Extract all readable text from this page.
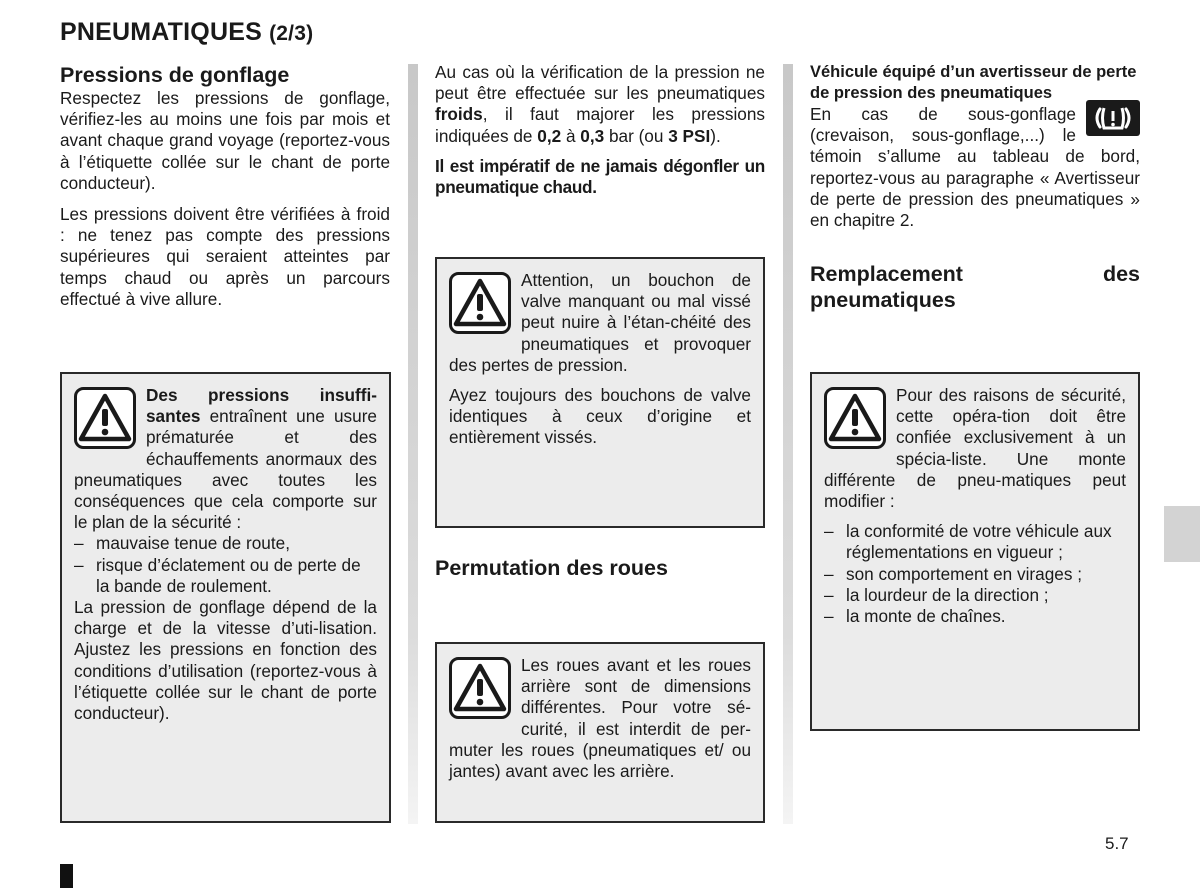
PNEUMATIQUES (2/3)
Pressions de gonflage

Respectez les pressions de gonflage, vérifiez-les au moins une fois par mois et avant chaque grand voyage (reportez-vous à l’étiquette collée sur le chant de porte conducteur).

Les pressions doivent être vérifiées à froid : ne tenez pas compte des pressions supérieures qui seraient atteintes par temps chaud ou après un parcours effectué à vive allure.

Des pressions insuffi-santes entraînent une usure prématurée et des échauffements anormaux des pneumatiques avec toutes les conséquences que cela comporte sur le plan de la sécurité :

– mauvaise tenue de route,
– risque d’éclatement ou de perte de la bande de roulement.

La pression de gonflage dépend de la charge et de la vitesse d’uti-lisation. Ajustez les pressions en fonction des conditions d’utilisation (reportez-vous à l’étiquette collée sur le chant de porte conducteur).

Au cas où la vérification de la pression ne peut être effectuée sur les pneumatiques froids, il faut majorer les pressions indiquées de 0,2 à 0,3 bar (ou 3 PSI).

Il est impératif de ne jamais dégonfler un pneumatique chaud.

Attention, un bouchon de valve manquant ou mal vissé peut nuire à l’étan-chéité des pneumatiques et provoquer des pertes de pression.

Ayez toujours des bouchons de valve identiques à ceux d’origine et entièrement vissés.

Permutation des roues

Les roues avant et les roues arrière sont de dimensions différentes. Pour votre sé-curité, il est interdit de per-muter les roues (pneumatiques et/ ou jantes) avant avec les arrière.

Véhicule équipé d’un avertisseur de perte de pression des pneumatiques

En cas de sous-gonflage (crevaison, sous-gonflage,...) le témoin s’allume au tableau de bord, reportez-vous au paragraphe « Avertisseur de perte de pression des pneumatiques » en chapitre 2.

Remplacement des pneumatiques

Pour des raisons de sécurité, cette opéra-tion doit être confiée exclusivement à un spécia-liste. Une monte différente de pneu-matiques peut modifier :

– la conformité de votre véhicule aux réglementations en vigueur ;
– son comportement en virages ;
– la lourdeur de la direction ;
– la monte de chaînes.
5.7
